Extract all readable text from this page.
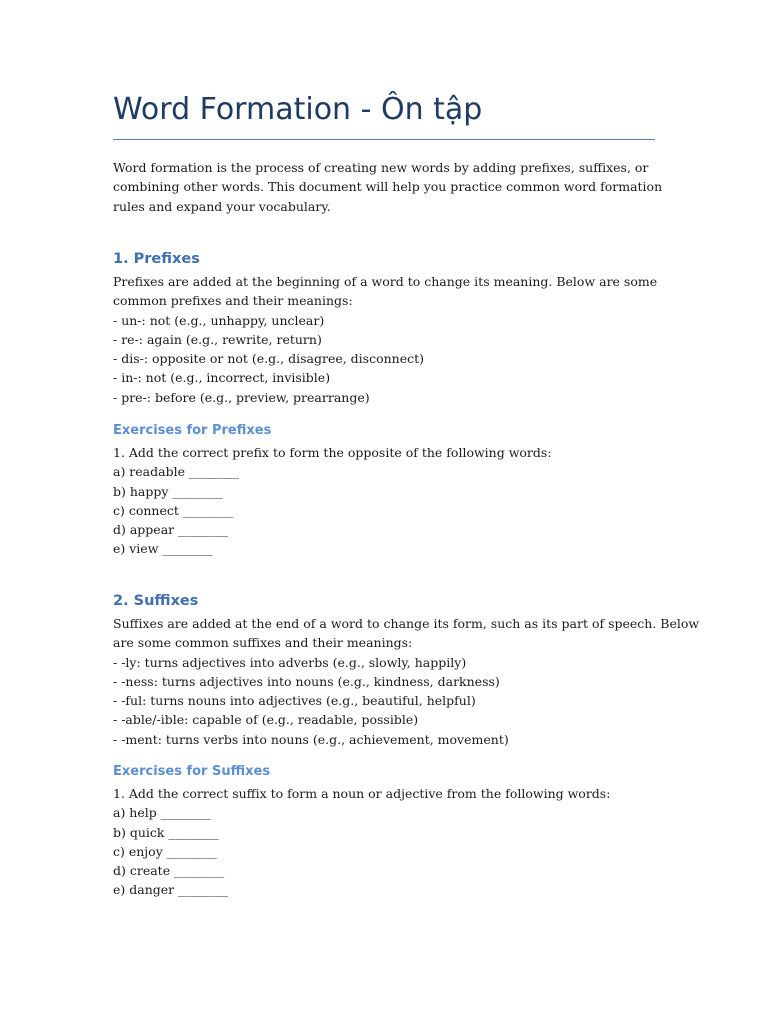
Word Formation - Ôn tập
Word formation is the process of creating new words by adding prefixes, suffixes, or
combining other words. This document will help you practice common word formation
rules and expand your vocabulary.
1. Prefixes
Prefixes are added at the beginning of a word to change its meaning. Below are some
common prefixes and their meanings:
- un-: not (e.g., unhappy, unclear)
- re-: again (e.g., rewrite, return)
- dis-: opposite or not (e.g., disagree, disconnect)
- in-: not (e.g., incorrect, invisible)
- pre-: before (e.g., preview, prearrange)
Exercises for Prefixes
1. Add the correct prefix to form the opposite of the following words:
a) readable ________
b) happy ________
c) connect ________
d) appear ________
e) view ________
2. Suffixes
Suffixes are added at the end of a word to change its form, such as its part of speech. Below
are some common suffixes and their meanings:
- -ly: turns adjectives into adverbs (e.g., slowly, happily)
- -ness: turns adjectives into nouns (e.g., kindness, darkness)
- -ful: turns nouns into adjectives (e.g., beautiful, helpful)
- -able/-ible: capable of (e.g., readable, possible)
- -ment: turns verbs into nouns (e.g., achievement, movement)
Exercises for Suffixes
1. Add the correct suffix to form a noun or adjective from the following words:
a) help ________
b) quick ________
c) enjoy ________
d) create ________
e) danger ________
